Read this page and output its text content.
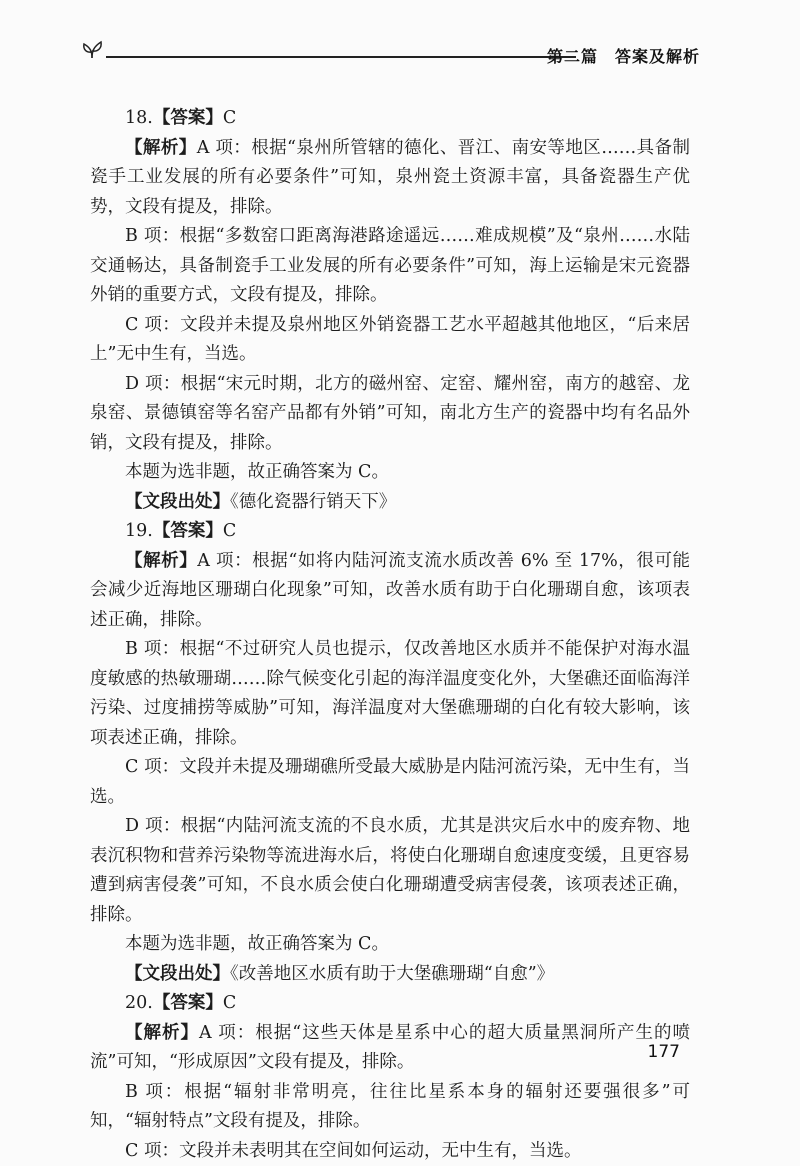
第二篇　答案及解析

18.【答案】C

【解析】A 项：根据“泉州所管辖的德化、晋江、南安等地区……具备制瓷手工业发展的所有必要条件”可知，泉州瓷土资源丰富，具备瓷器生产优势，文段有提及，排除。

B 项：根据“多数窑口距离海港路途遥远……难成规模”及“泉州……水陆交通畅达，具备制瓷手工业发展的所有必要条件”可知，海上运输是宋元瓷器外销的重要方式，文段有提及，排除。

C 项：文段并未提及泉州地区外销瓷器工艺水平超越其他地区，“后来居上”无中生有，当选。

D 项：根据“宋元时期，北方的磁州窑、定窑、耀州窑，南方的越窑、龙泉窑、景德镇窑等名窑产品都有外销”可知，南北方生产的瓷器中均有名品外销，文段有提及，排除。

本题为选非题，故正确答案为 C。

【文段出处】《德化瓷器行销天下》

19.【答案】C

【解析】A 项：根据“如将内陆河流支流水质改善 6% 至 17%，很可能会减少近海地区珊瑚白化现象”可知，改善水质有助于白化珊瑚自愈，该项表述正确，排除。

B 项：根据“不过研究人员也提示，仅改善地区水质并不能保护对海水温度敏感的热敏珊瑚……除气候变化引起的海洋温度变化外，大堡礁还面临海洋污染、过度捕捞等威胁”可知，海洋温度对大堡礁珊瑚的白化有较大影响，该项表述正确，排除。

C 项：文段并未提及珊瑚礁所受最大威胁是内陆河流污染，无中生有，当选。

D 项：根据“内陆河流支流的不良水质，尤其是洪灾后水中的废弃物、地表沉积物和营养污染物等流进海水后，将使白化珊瑚自愈速度变缓，且更容易遭到病害侵袭”可知，不良水质会使白化珊瑚遭受病害侵袭，该项表述正确，排除。

本题为选非题，故正确答案为 C。

【文段出处】《改善地区水质有助于大堡礁珊瑚“自愈”》

20.【答案】C

【解析】A 项：根据“这些天体是星系中心的超大质量黑洞所产生的喷流”可知，“形成原因”文段有提及，排除。

B 项：根据“辐射非常明亮，往往比星系本身的辐射还要强很多”可知，“辐射特点”文段有提及，排除。

C 项：文段并未表明其在空间如何运动，无中生有，当选。

177
